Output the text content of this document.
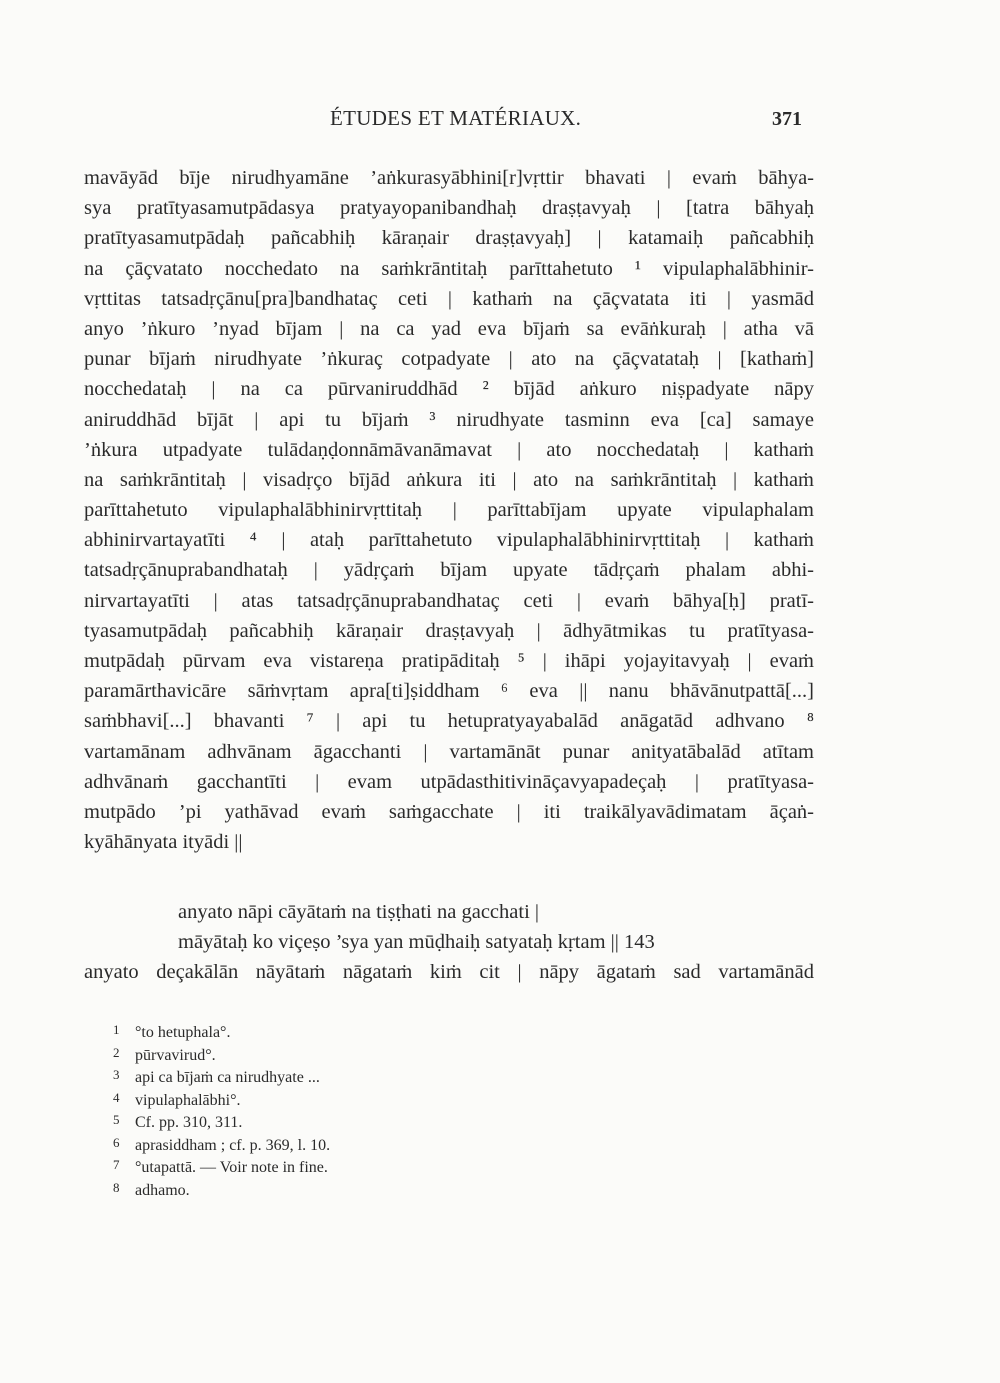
ÉTUDES ET MATÉRIAUX.	371
mavāyād bīje nirudhyamāne ’aṅkurasyābhini[r]vṛttir bhavati | evaṁ bāhya-
sya pratītyasamutpādasya pratyayopanibandhaḥ draṣṭavyaḥ | [tatra bāhyaḥ
pratītyasamutpādaḥ pañcabhiḥ kāraṇair draṣṭavyaḥ] | katamaiḥ pañcabhiḥ
na çāçvatato nocchedato na saṁkrāntitaḥ parīttahetuto ¹ vipulaphalābhinir-
vṛttitas tatsadṛçānu[pra]bandhataç ceti | kathaṁ na çāçvatata iti | yasmād
anyo ’ṅkuro ’nyad bījam | na ca yad eva bījaṁ sa evāṅkuraḥ | atha vā
punar bījaṁ nirudhyate ’ṅkuraç cotpadyate | ato na çāçvatataḥ | [kathaṁ]
nocchedataḥ | na ca pūrvaniruddhād ² bījād aṅkuro niṣpadyate nāpy
aniruddhād bījāt | api tu bījaṁ ³ nirudhyate tasminn eva [ca] samaye
’ṅkura utpadyate tulādaṇḍonnāmāvanāmavat | ato nocchedataḥ | kathaṁ
na saṁkrāntitaḥ | visadṛço bījād aṅkura iti | ato na saṁkrāntitaḥ | kathaṁ
parīttahetuto vipulaphalābhinirvṛttitaḥ | parīttabījam upyate vipulaphalam
abhinirvartayatīti ⁴ | ataḥ parīttahetuto vipulaphalābhinirvṛttitaḥ | kathaṁ
tatsadṛçānuprabandhataḥ | yādṛçaṁ bījam upyate tādṛçaṁ phalam abhi-
nirvartayatīti | atas tatsadṛçānuprabandhataç ceti | evaṁ bāhya[ḥ] pratī-
tyasamutpādaḥ pañcabhiḥ kāraṇair draṣṭavyaḥ | ādhyātmikas tu pratītyasa-
mutpādaḥ pūrvam eva vistareṇa pratipāditaḥ ⁵ | ihāpi yojayitavyaḥ | evaṁ
paramārthavicāre sāṁvṛtam apra[ti]ṣiddham ⁶ eva || nanu bhāvānutpattā[...]
saṁbhavi[...] bhavanti ⁷ | api tu hetupratyayabalād anāgatād adhvano ⁸
vartamānam adhvānam āgacchanti | vartamānāt punar anityatābalād atītam
adhvānaṁ gacchantīti | evam utpādasthitivināçavyapadeçaḥ | pratītyasa-
mutpādo ’pi yathāvad evaṁ saṁgacchate | iti traikālyavādimatam āçaṅ-
kyāhānyata ityādi ||
anyato nāpi cāyātaṁ na tiṣṭhati na gacchati |
māyātaḥ ko viçeṣo ’sya yan mūḍhaiḥ satyataḥ kṛtam || 143
anyato deçakālān nāyātaṁ nāgataṁ kiṁ cit | nāpy āgataṁ sad vartamānād
1 °to hetuphala°.
2 pūrvavirud°.
3 api ca bījaṁ ca nirudhyate ...
4 vipulaphalābhi°.
5 Cf. pp. 310, 311.
6 aprasiddham ; cf. p. 369, l. 10.
7 °utapattā. — Voir note in fine.
8 adhamo.
